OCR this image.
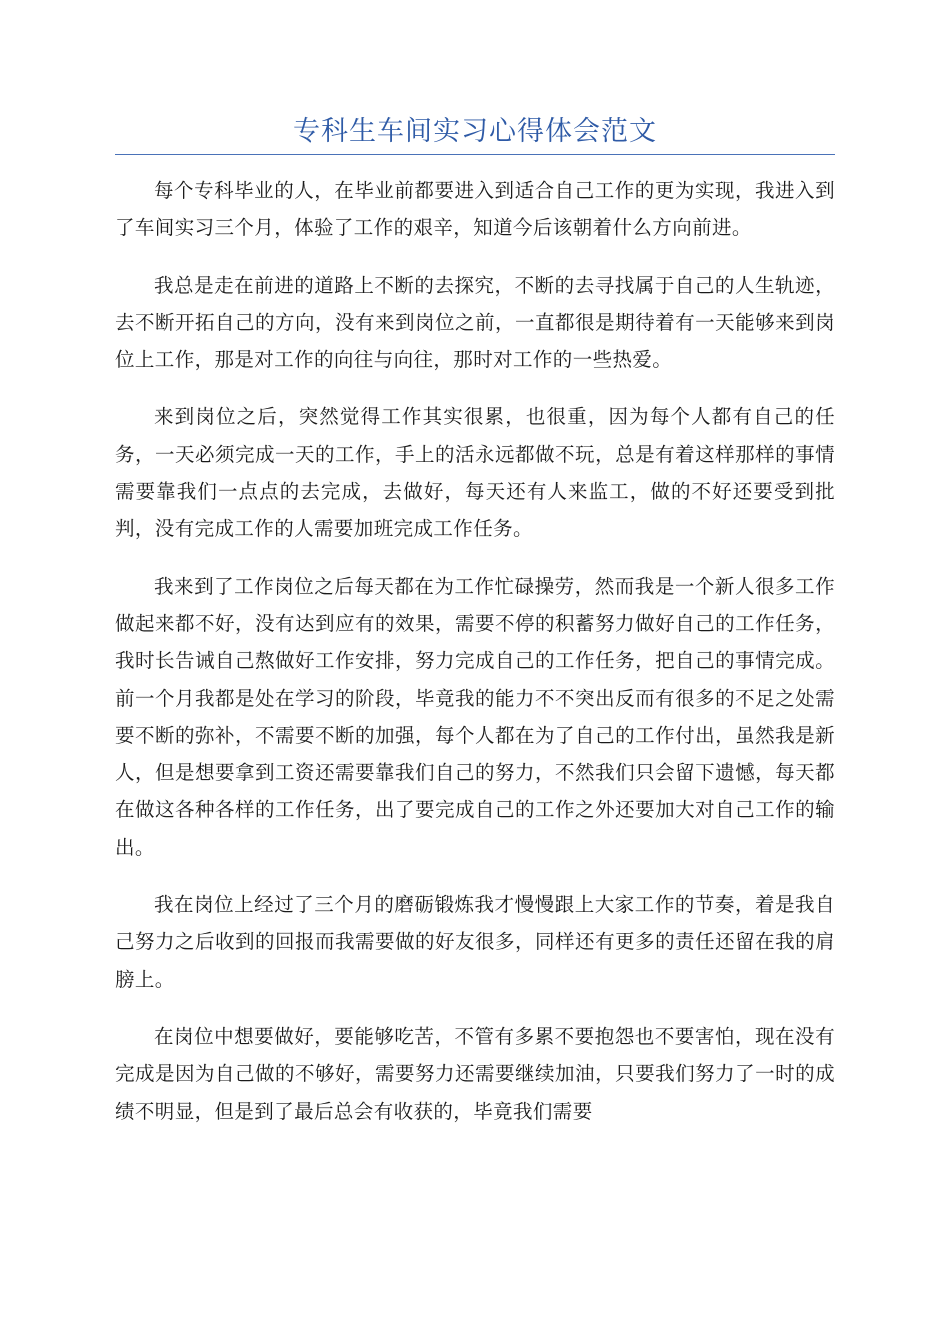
专科生车间实习心得体会范文

每个专科毕业的人，在毕业前都要进入到适合自己工作的更为实现，我进入到了车间实习三个月，体验了工作的艰辛，知道今后该朝着什么方向前进。

我总是走在前进的道路上不断的去探究，不断的去寻找属于自己的人生轨迹，去不断开拓自己的方向，没有来到岗位之前，一直都很是期待着有一天能够来到岗位上工作，那是对工作的向往与向往，那时对工作的一些热爱。

来到岗位之后，突然觉得工作其实很累，也很重，因为每个人都有自己的任务，一天必须完成一天的工作，手上的活永远都做不玩，总是有着这样那样的事情需要靠我们一点点的去完成，去做好，每天还有人来监工，做的不好还要受到批判，没有完成工作的人需要加班完成工作任务。

我来到了工作岗位之后每天都在为工作忙碌操劳，然而我是一个新人很多工作做起来都不好，没有达到应有的效果，需要不停的积蓄努力做好自己的工作任务，我时长告诫自己熬做好工作安排，努力完成自己的工作任务，把自己的事情完成。前一个月我都是处在学习的阶段，毕竟我的能力不不突出反而有很多的不足之处需要不断的弥补，不需要不断的加强，每个人都在为了自己的工作付出，虽然我是新人，但是想要拿到工资还需要靠我们自己的努力，不然我们只会留下遗憾，每天都在做这各种各样的工作任务，出了要完成自己的工作之外还要加大对自己工作的输出。

我在岗位上经过了三个月的磨砺锻炼我才慢慢跟上大家工作的节奏，着是我自己努力之后收到的回报而我需要做的好友很多，同样还有更多的责任还留在我的肩膀上。

在岗位中想要做好，要能够吃苦，不管有多累不要抱怨也不要害怕，现在没有完成是因为自己做的不够好，需要努力还需要继续加油，只要我们努力了一时的成绩不明显，但是到了最后总会有收获的，毕竟我们需要
